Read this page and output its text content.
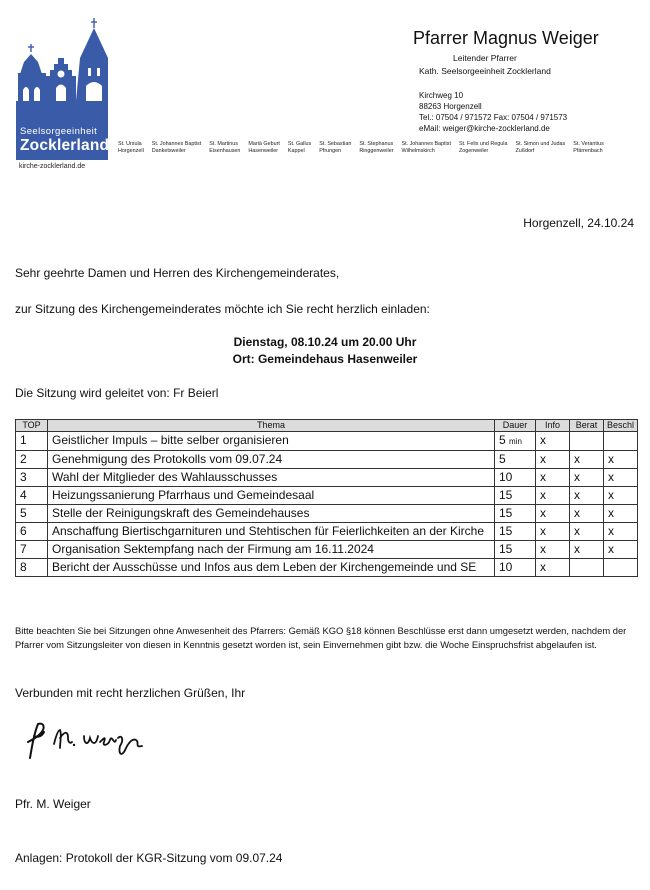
Seelsorgeeinheit
Zocklerland
kirche-zocklerland.de
St. Ursula
Horgenzell
St. Johannes Baptist
Danketsweiler
St. Martinus
Eisenhausen
Mariä Geburt
Hasenweiler
St. Gallus
Kappel
St. Sebastian
Pfrungen
St. Stephanus
Ringgenweiler
St. Johannes Baptist
Wilhelmskirch
St. Felix und Regula
Zogenweiler
St. Simon und Judas
Zußdorf
St. Verantius
Pfärrenbach
Pfarrer Magnus Weiger
Leitender Pfarrer
Kath. Seelsorgeeinheit Zocklerland
Kirchweg 10
88263 Horgenzell
Tel.: 07504 / 971572 Fax: 07504 / 971573
eMail: weiger@kirche-zocklerland.de
Horgenzell, 24.10.24
Sehr geehrte Damen und Herren des Kirchengemeinderates,
zur Sitzung des Kirchengemeinderates möchte ich Sie recht herzlich einladen:
Dienstag, 08.10.24 um 20.00 Uhr
Ort: Gemeindehaus Hasenweiler
Die Sitzung wird geleitet von: Fr Beierl
TOP	Thema	Dauer	Info	Berat	Beschl
1	Geistlicher Impuls – bitte selber organisieren	5 min	x		
2	Genehmigung des Protokolls vom 09.07.24	5	x	x	x
3	Wahl der Mitglieder des Wahlausschusses	10	x	x	x
4	Heizungssanierung Pfarrhaus und Gemeindesaal	15	x	x	x
5	Stelle der Reinigungskraft des Gemeindehauses	15	x	x	x
6	Anschaffung Biertischgarnituren und Stehtischen für Feierlichkeiten an der Kirche	15	x	x	x
7	Organisation Sektempfang nach der Firmung am 16.11.2024	15	x	x	x
8	Bericht der Ausschüsse und Infos aus dem Leben der Kirchengemeinde und SE	10	x		
Bitte beachten Sie bei Sitzungen ohne Anwesenheit des Pfarrers: Gemäß KGO §18 können Beschlüsse erst dann umgesetzt werden, nachdem der Pfarrer vom Sitzungsleiter von diesen in Kenntnis gesetzt worden ist, sein Einvernehmen gibt bzw. die Woche Einspruchsfrist abgelaufen ist.
Verbunden mit recht herzlichen Grüßen, Ihr
Pfr. M. Weiger
Anlagen: Protokoll der KGR-Sitzung vom 09.07.24
